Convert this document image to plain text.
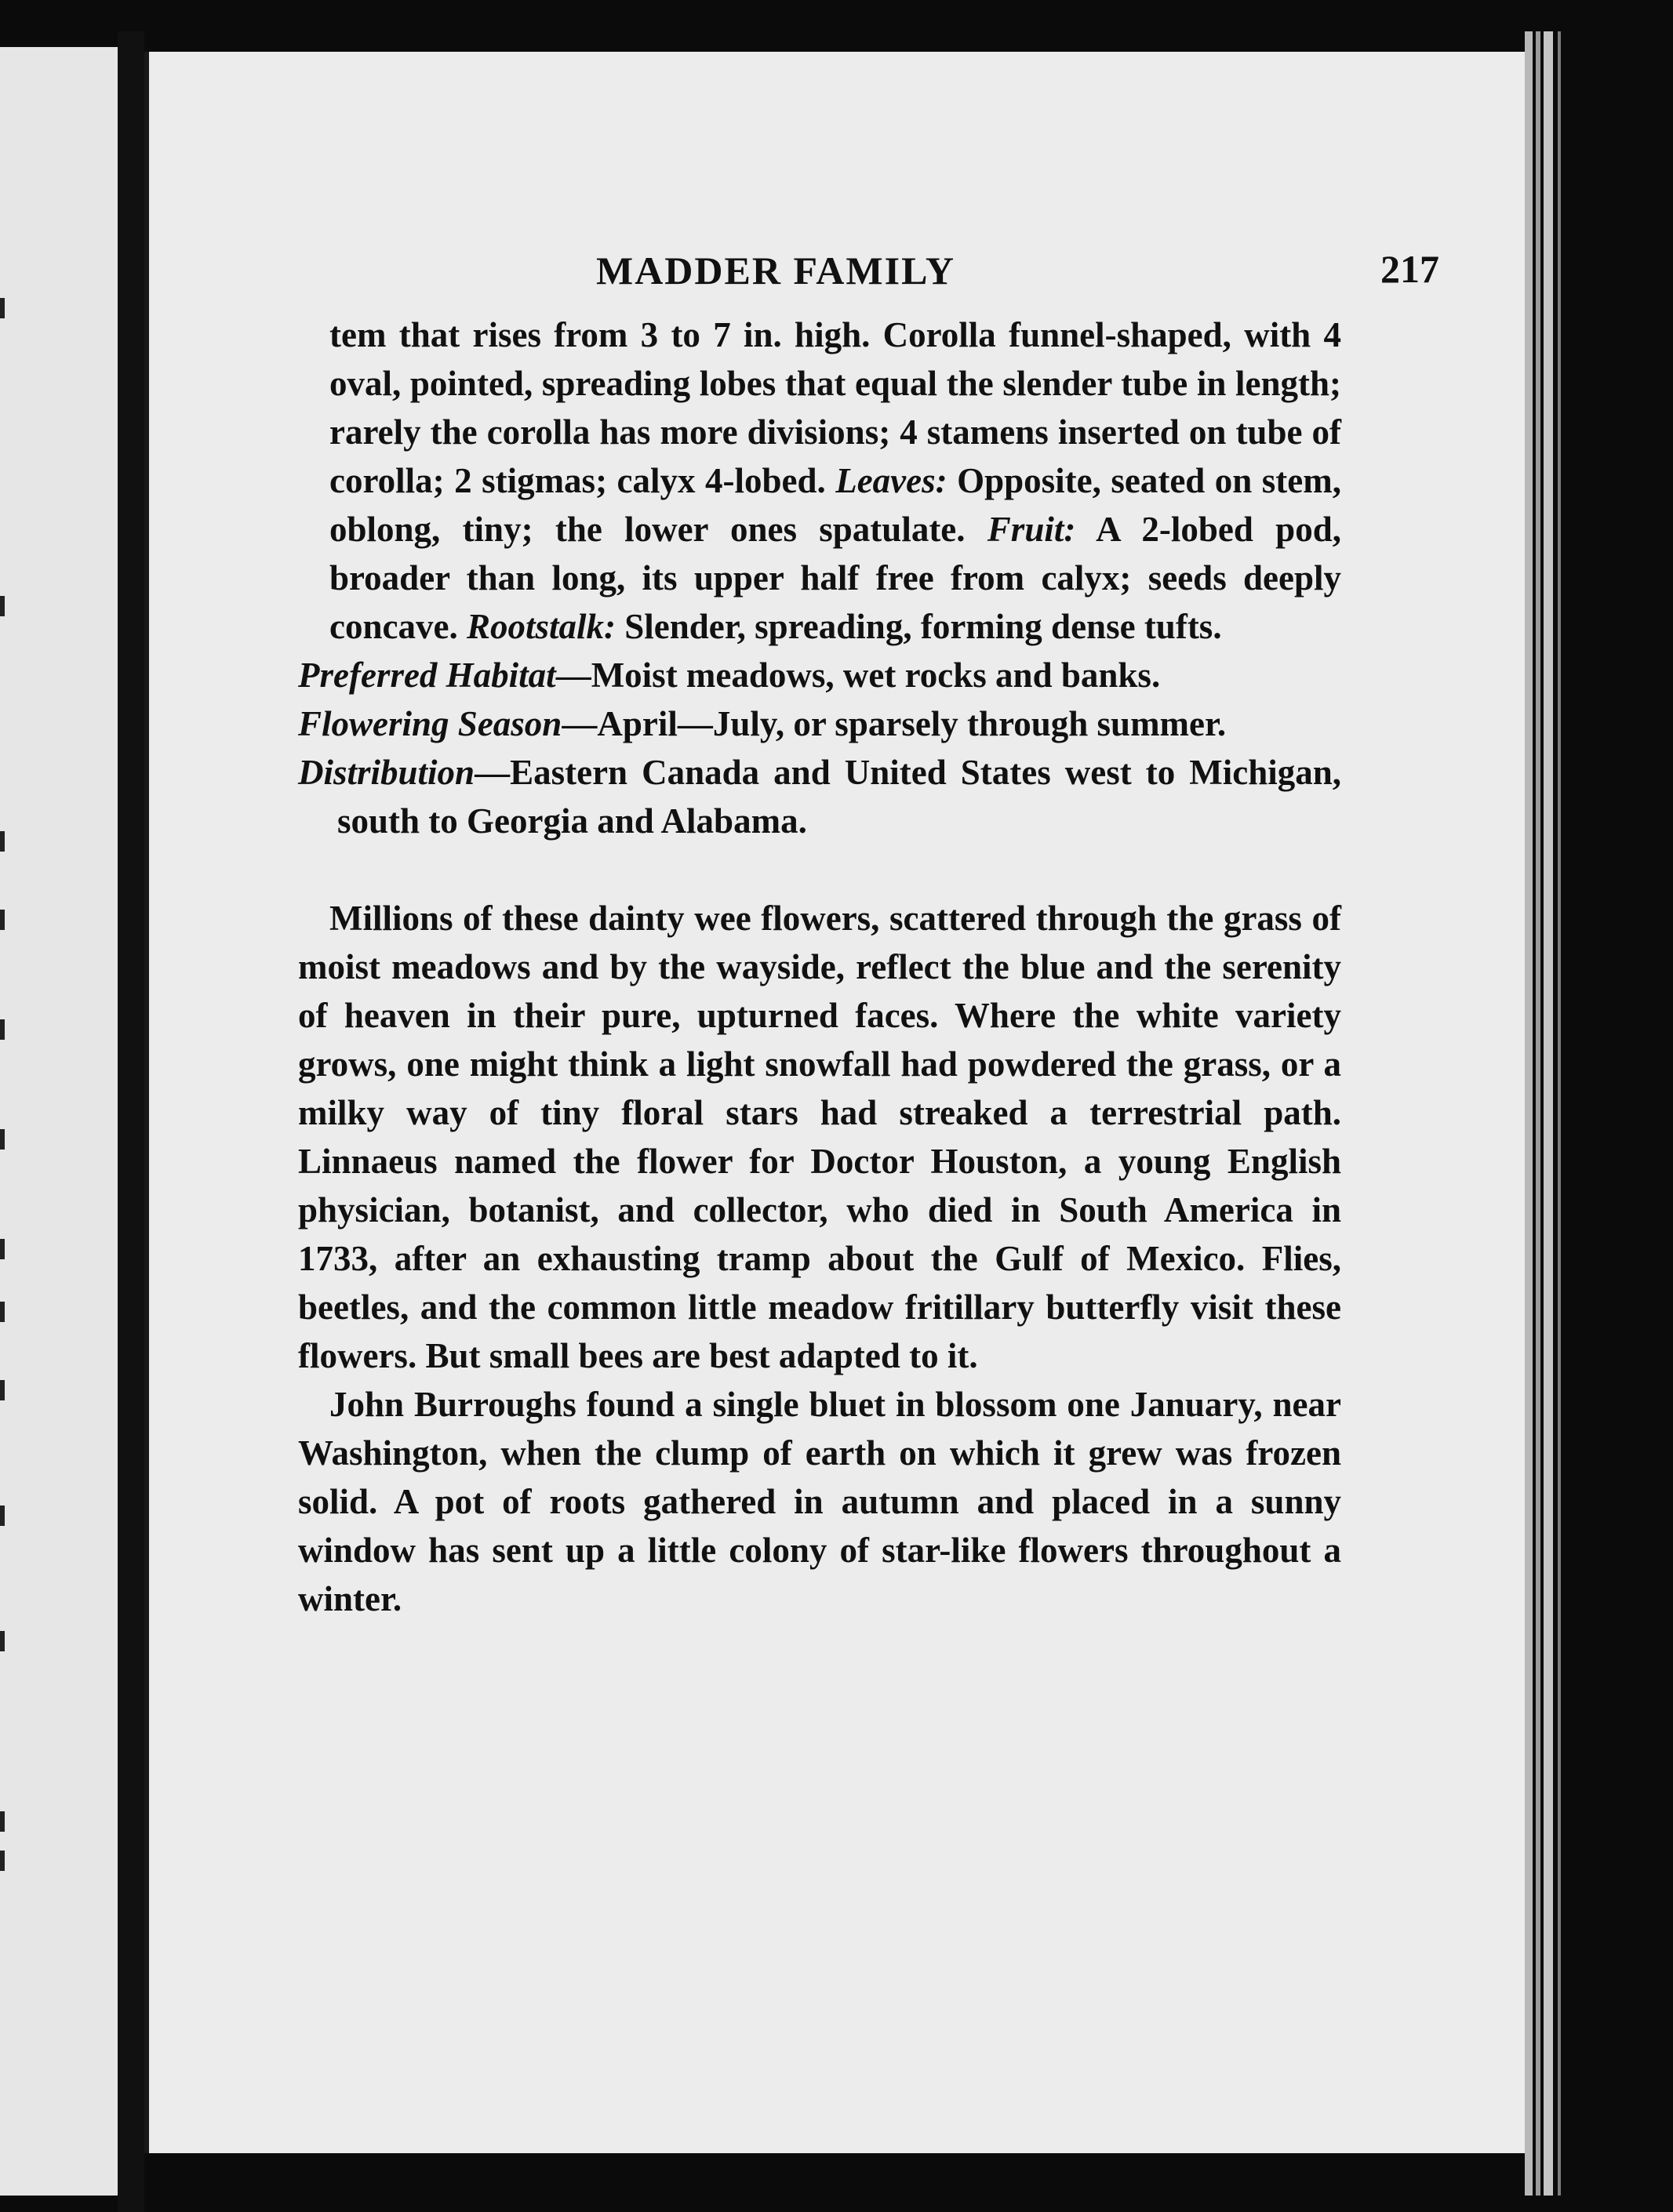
MADDER FAMILY	217

tem that rises from 3 to 7 in. high. Corolla funnel-shaped, with 4 oval, pointed, spreading lobes that equal the slender tube in length; rarely the corolla has more divisions; 4 stamens inserted on tube of corolla; 2 stigmas; calyx 4-lobed. Leaves: Opposite, seated on stem, oblong, tiny; the lower ones spatulate. Fruit: A 2-lobed pod, broader than long, its upper half free from calyx; seeds deeply concave. Rootstalk: Slender, spreading, forming dense tufts.

Preferred Habitat—Moist meadows, wet rocks and banks.

Flowering Season—April—July, or sparsely through summer.

Distribution—Eastern Canada and United States west to Michigan, south to Georgia and Alabama.

Millions of these dainty wee flowers, scattered through the grass of moist meadows and by the wayside, reflect the blue and the serenity of heaven in their pure, upturned faces. Where the white variety grows, one might think a light snowfall had powdered the grass, or a milky way of tiny floral stars had streaked a terrestrial path. Linnaeus named the flower for Doctor Houston, a young English physician, botanist, and collector, who died in South America in 1733, after an exhausting tramp about the Gulf of Mexico. Flies, beetles, and the common little meadow fritillary butterfly visit these flowers. But small bees are best adapted to it.

John Burroughs found a single bluet in blossom one January, near Washington, when the clump of earth on which it grew was frozen solid. A pot of roots gathered in autumn and placed in a sunny window has sent up a little colony of star-like flowers throughout a winter.
